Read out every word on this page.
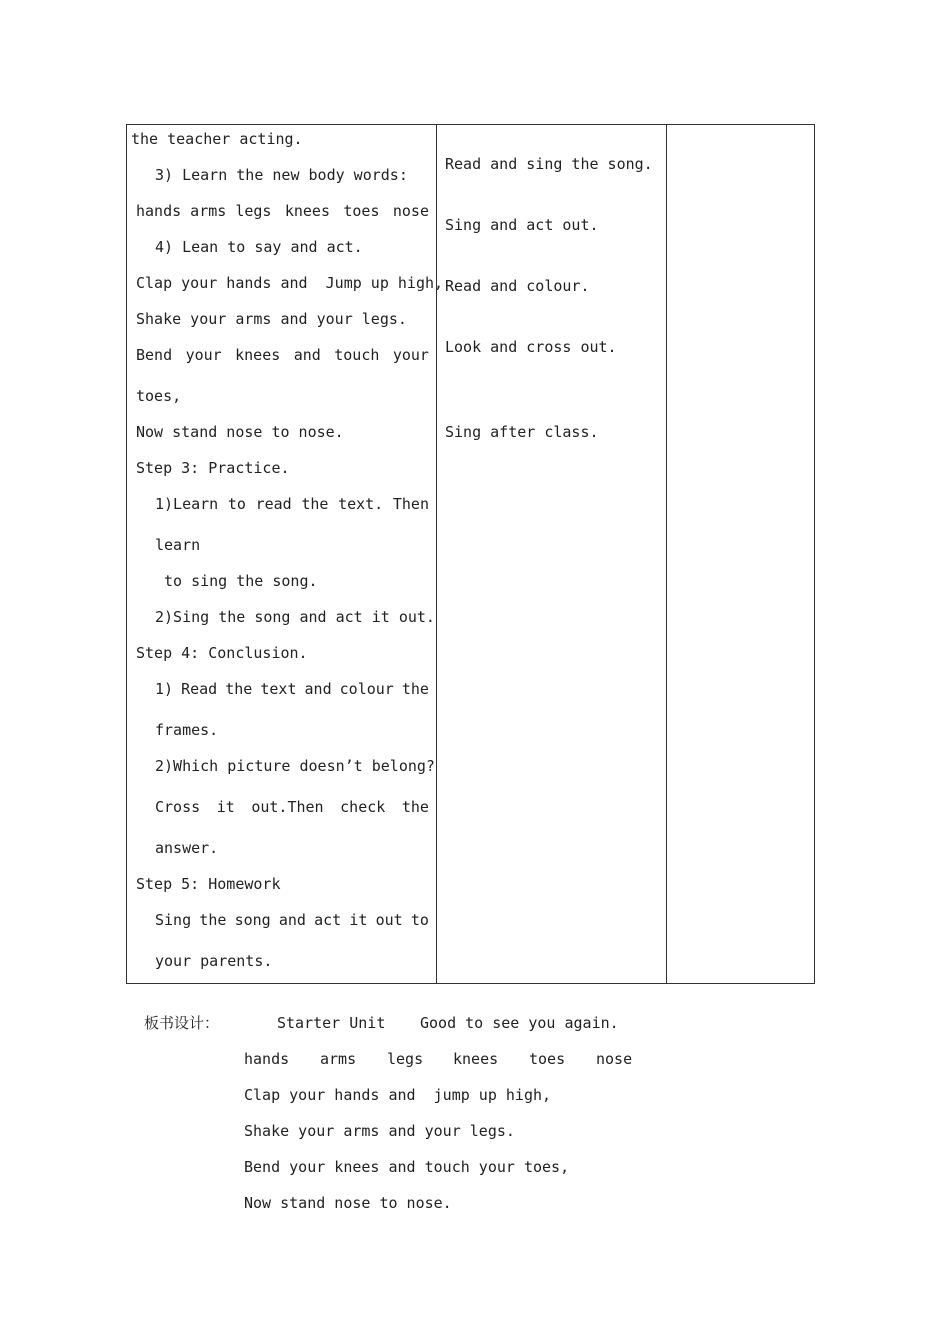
the teacher acting.
3) Learn the new body words:
hands arms legs knees toes nose
4) Lean to say and act.
Clap your hands and  Jump up high,
Shake your arms and your legs.
Bend your knees and touch your
toes,
Now stand nose to nose.
Step 3: Practice.
1)Learn to read the text. Then
learn
to sing the song.
2)Sing the song and act it out.
Step 4: Conclusion.
1) Read the text and colour the
frames.
2)Which picture doesn’t belong?
Cross it out.Then check the
answer.
Step 5: Homework
Sing the song and act it out to
your parents.
Read and sing the song.
Sing and act out.
Read and colour.
Look and cross out.
Sing after class.
板书设计：	Starter Unit Good to see you again.
hands arms legs knees toes nose
Clap your hands and  jump up high,
Shake your arms and your legs.
Bend your knees and touch your toes,
Now stand nose to nose.
